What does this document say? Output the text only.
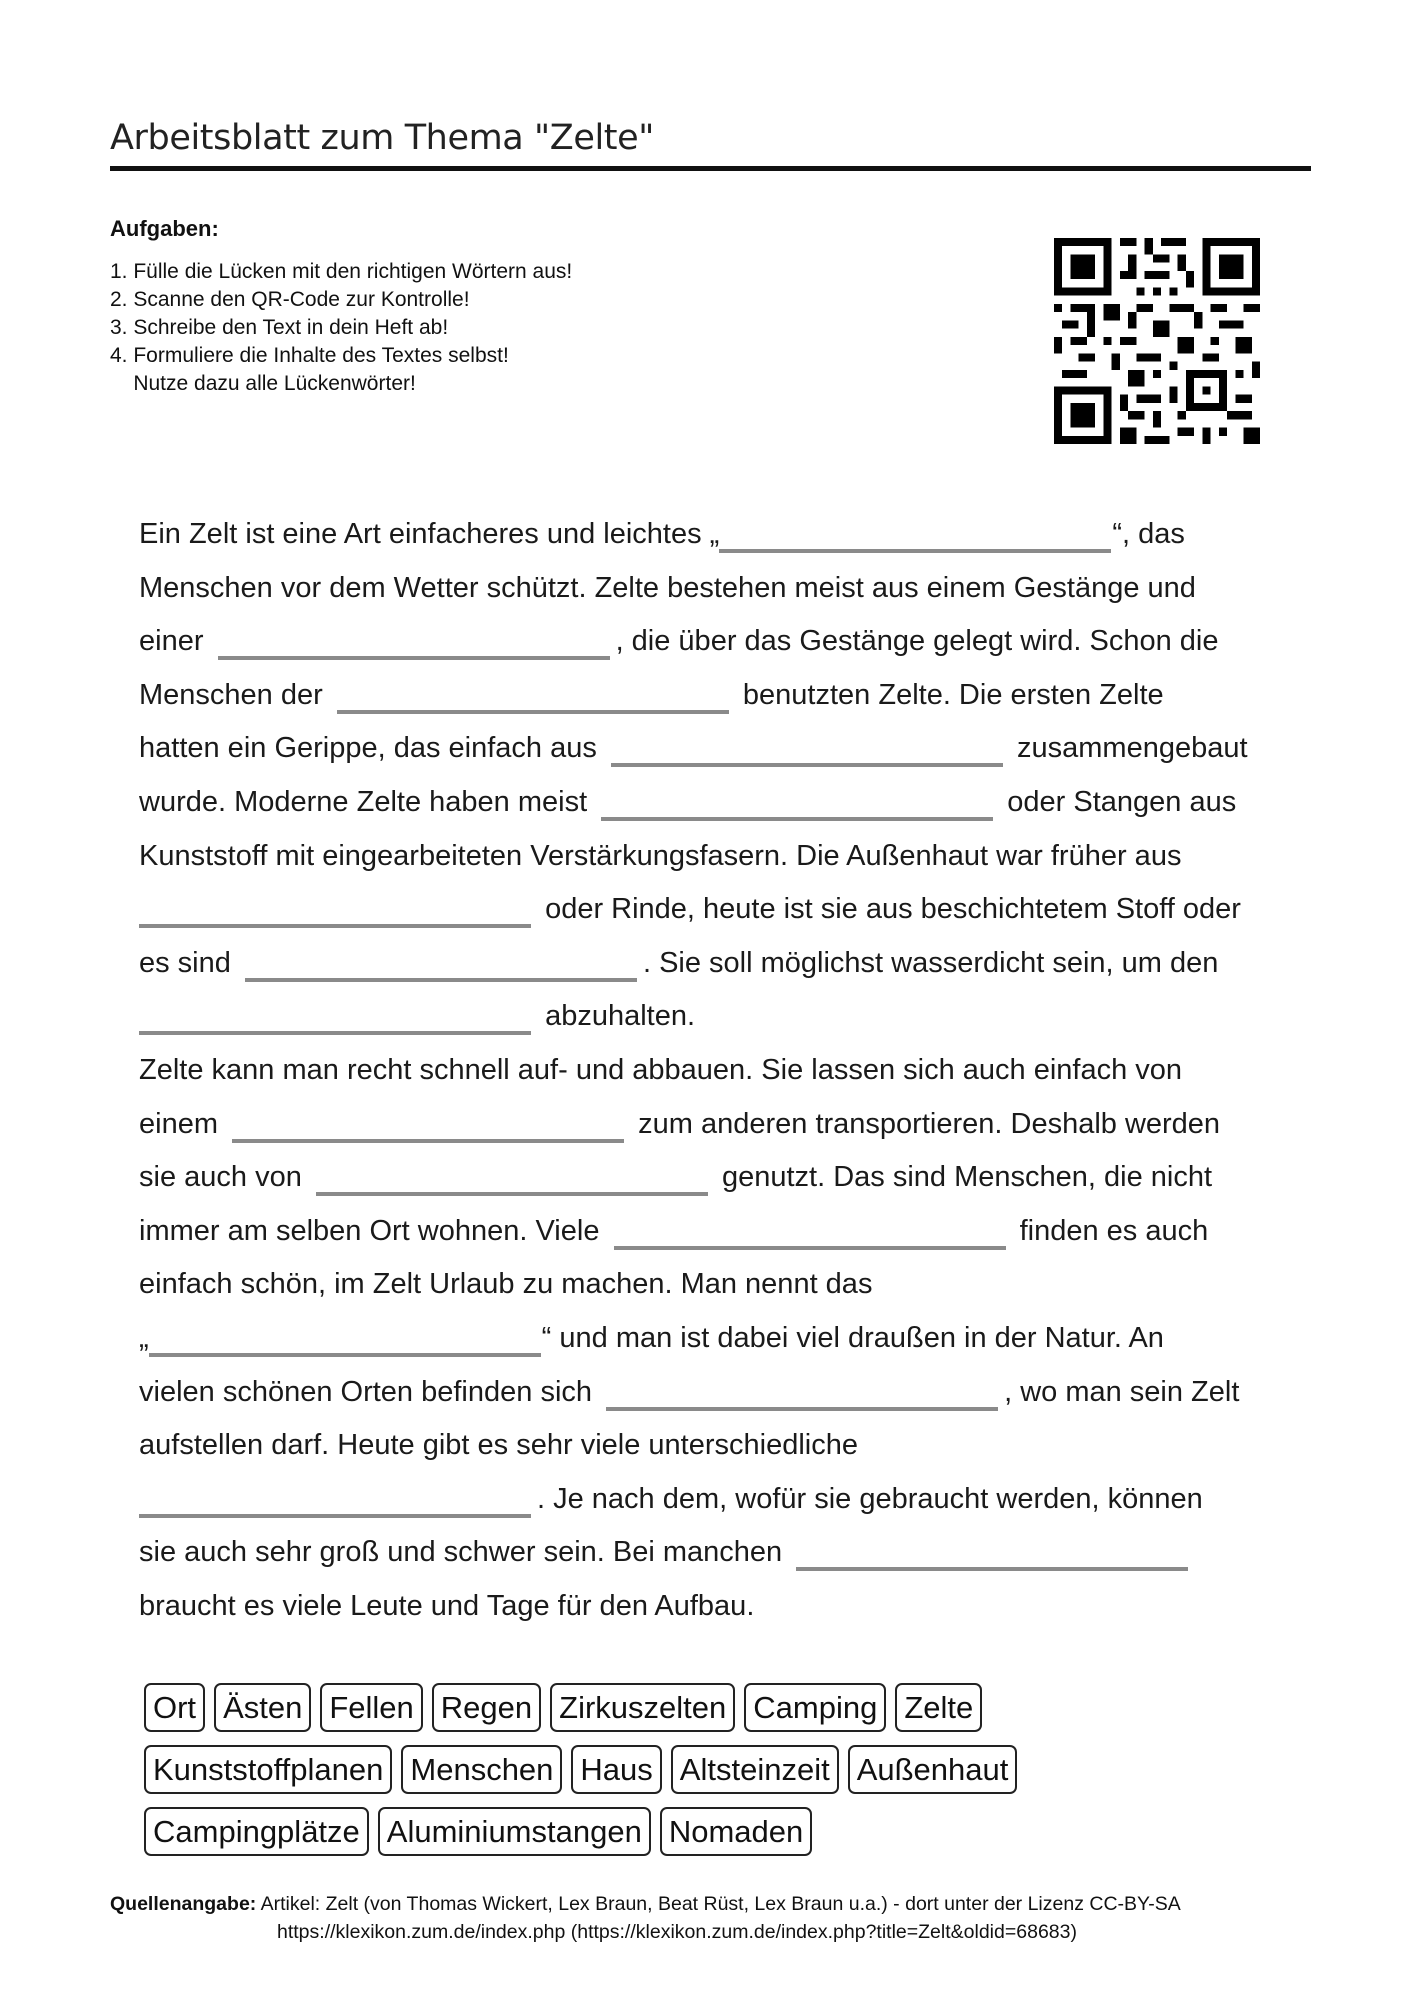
Arbeitsblatt zum Thema "Zelte"
Aufgaben:
1. Fülle die Lücken mit den richtigen Wörtern aus!
2. Scanne den QR-Code zur Kontrolle!
3. Schreibe den Text in dein Heft ab!
4. Formuliere die Inhalte des Textes selbst!
Nutze dazu alle Lückenwörter!
Ein Zelt ist eine Art einfacheres und leichtes „	“, das
Menschen vor dem Wetter schützt. Zelte bestehen meist aus einem Gestänge und
einer	, die über das Gestänge gelegt wird. Schon die
Menschen der	benutzten Zelte. Die ersten Zelte
hatten ein Gerippe, das einfach aus	zusammengebaut
wurde. Moderne Zelte haben meist	oder Stangen aus
Kunststoff mit eingearbeiteten Verstärkungsfasern. Die Außenhaut war früher aus
oder Rinde, heute ist sie aus beschichtetem Stoff oder
es sind	. Sie soll möglichst wasserdicht sein, um den
abzuhalten.
Zelte kann man recht schnell auf- und abbauen. Sie lassen sich auch einfach von
einem	zum anderen transportieren. Deshalb werden
sie auch von	genutzt. Das sind Menschen, die nicht
immer am selben Ort wohnen. Viele	finden es auch
einfach schön, im Zelt Urlaub zu machen. Man nennt das
„	“ und man ist dabei viel draußen in der Natur. An
vielen schönen Orten befinden sich	, wo man sein Zelt
aufstellen darf. Heute gibt es sehr viele unterschiedliche
. Je nach dem, wofür sie gebraucht werden, können
sie auch sehr groß und schwer sein. Bei manchen
braucht es viele Leute und Tage für den Aufbau.
Ort Ästen Fellen Regen Zirkuszelten Camping Zelte
Kunststoffplanen Menschen Haus Altsteinzeit Außenhaut
Campingplätze Aluminiumstangen Nomaden
Quellenangabe: Artikel: Zelt (von Thomas Wickert, Lex Braun, Beat Rüst, Lex Braun u.a.) - dort unter der Lizenz CC-BY-SA
https://klexikon.zum.de/index.php (https://klexikon.zum.de/index.php?title=Zelt&oldid=68683)
